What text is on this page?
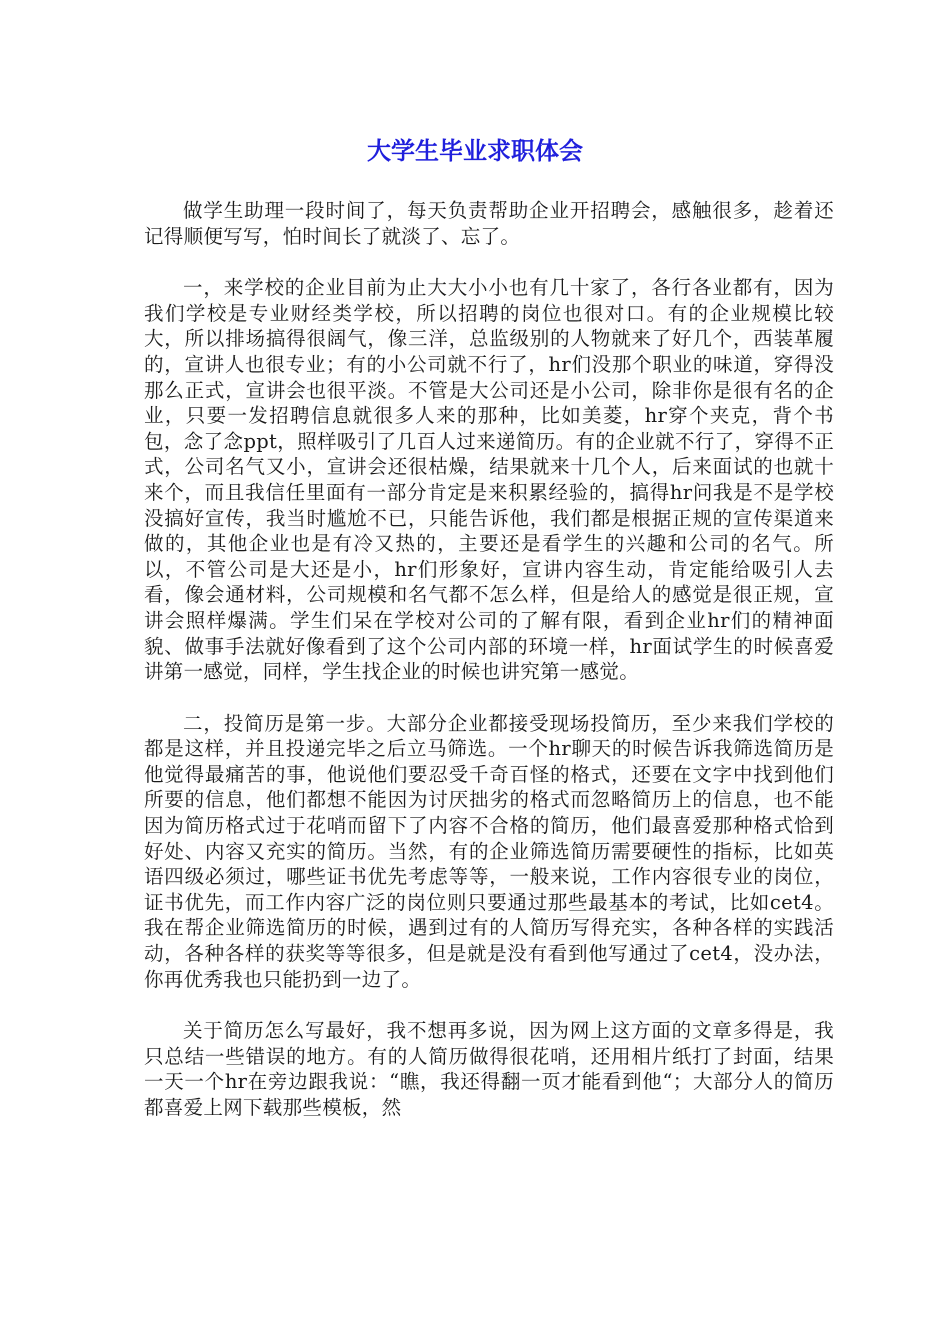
大学生毕业求职体会

做学生助理一段时间了，每天负责帮助企业开招聘会，感触很多，趁着还记得顺便写写，怕时间长了就淡了、忘了。

一，来学校的企业目前为止大大小小也有几十家了，各行各业都有，因为我们学校是专业财经类学校，所以招聘的岗位也很对口。有的企业规模比较大，所以排场搞得很阔气，像三洋，总监级别的人物就来了好几个，西装革履的，宣讲人也很专业；有的小公司就不行了，hr们没那个职业的味道，穿得没那么正式，宣讲会也很平淡。不管是大公司还是小公司，除非你是很有名的企业，只要一发招聘信息就很多人来的那种，比如美菱，hr穿个夹克，背个书包，念了念ppt，照样吸引了几百人过来递简历。有的企业就不行了，穿得不正式，公司名气又小，宣讲会还很枯燥，结果就来十几个人，后来面试的也就十来个，而且我信任里面有一部分肯定是来积累经验的，搞得hr问我是不是学校没搞好宣传，我当时尴尬不已，只能告诉他，我们都是根据正规的宣传渠道来做的，其他企业也是有冷又热的，主要还是看学生的兴趣和公司的名气。所以，不管公司是大还是小，hr们形象好，宣讲内容生动，肯定能给吸引人去看，像会通材料，公司规模和名气都不怎么样，但是给人的感觉是很正规，宣讲会照样爆满。学生们呆在学校对公司的了解有限，看到企业hr们的精神面貌、做事手法就好像看到了这个公司内部的环境一样，hr面试学生的时候喜爱讲第一感觉，同样，学生找企业的时候也讲究第一感觉。

二，投简历是第一步。大部分企业都接受现场投简历，至少来我们学校的都是这样，并且投递完毕之后立马筛选。一个hr聊天的时候告诉我筛选简历是他觉得最痛苦的事，他说他们要忍受千奇百怪的格式，还要在文字中找到他们所要的信息，他们都想不能因为讨厌拙劣的格式而忽略简历上的信息，也不能因为简历格式过于花哨而留下了内容不合格的简历，他们最喜爱那种格式恰到好处、内容又充实的简历。当然，有的企业筛选简历需要硬性的指标，比如英语四级必须过，哪些证书优先考虑等等，一般来说，工作内容很专业的岗位，证书优先，而工作内容广泛的岗位则只要通过那些最基本的考试，比如cet4。我在帮企业筛选简历的时候，遇到过有的人简历写得充实，各种各样的实践活动，各种各样的获奖等等很多，但是就是没有看到他写通过了cet4，没办法，你再优秀我也只能扔到一边了。

关于简历怎么写最好，我不想再多说，因为网上这方面的文章多得是，我只总结一些错误的地方。有的人简历做得很花哨，还用相片纸打了封面，结果一天一个hr在旁边跟我说：“瞧，我还得翻一页才能看到他“；大部分人的简历都喜爱上网下载那些模板，然
